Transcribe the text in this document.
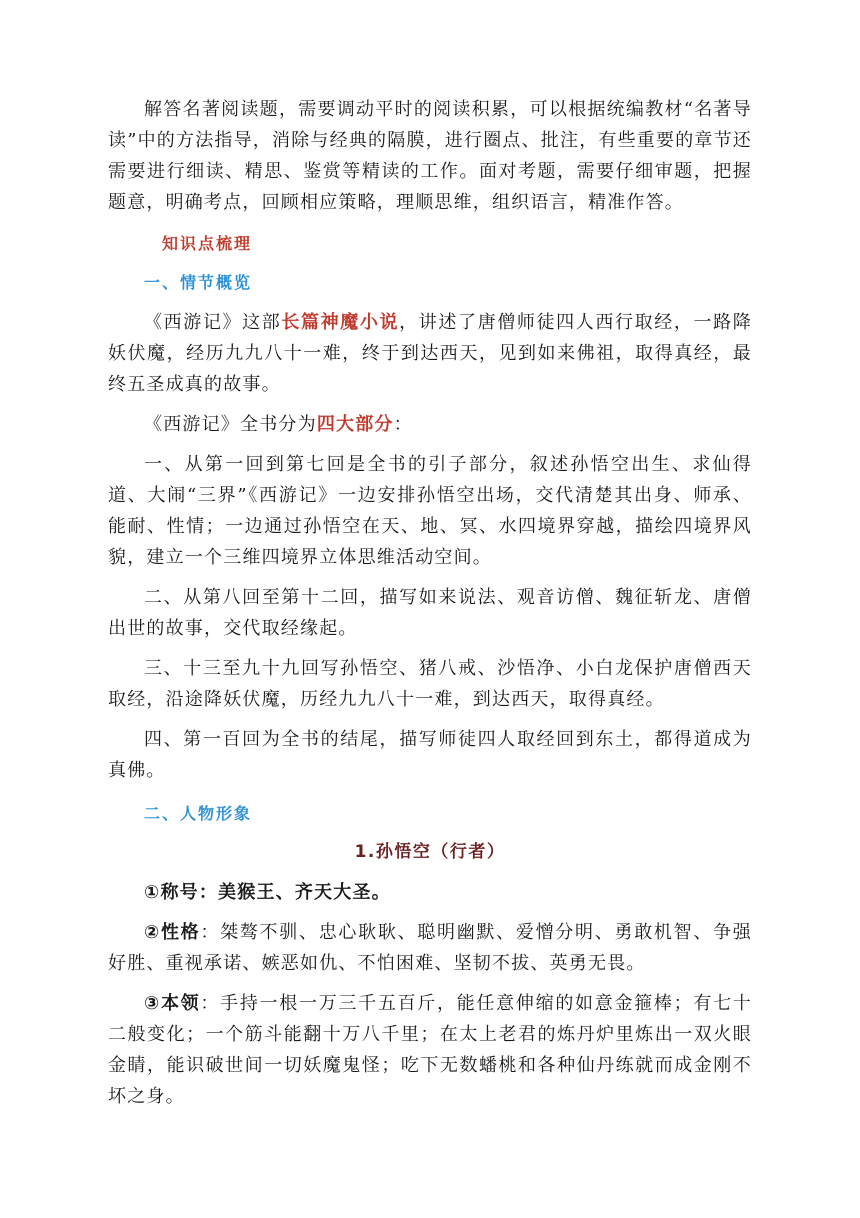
解答名著阅读题，需要调动平时的阅读积累，可以根据统编教材“名著导读”中的方法指导，消除与经典的隔膜，进行圈点、批注，有些重要的章节还需要进行细读、精思、鉴赏等精读的工作。面对考题，需要仔细审题，把握题意，明确考点，回顾相应策略，理顺思维，组织语言，精准作答。

知识点梳理

一、情节概览

《西游记》这部长篇神魔小说，讲述了唐僧师徒四人西行取经，一路降妖伏魔，经历九九八十一难，终于到达西天，见到如来佛祖，取得真经，最终五圣成真的故事。

《西游记》全书分为四大部分：

一、从第一回到第七回是全书的引子部分，叙述孙悟空出生、求仙得道、大闹“三界”《西游记》一边安排孙悟空出场，交代清楚其出身、师承、能耐、性情；一边通过孙悟空在天、地、冥、水四境界穿越，描绘四境界风貌，建立一个三维四境界立体思维活动空间。

二、从第八回至第十二回，描写如来说法、观音访僧、魏征斩龙、唐僧出世的故事，交代取经缘起。

三、十三至九十九回写孙悟空、猪八戒、沙悟净、小白龙保护唐僧西天取经，沿途降妖伏魔，历经九九八十一难，到达西天，取得真经。

四、第一百回为全书的结尾，描写师徒四人取经回到东土，都得道成为真佛。

二、人物形象

1.孙悟空（行者）

①称号：美猴王、齐天大圣。

②性格：桀骜不驯、忠心耿耿、聪明幽默、爱憎分明、勇敢机智、争强好胜、重视承诺、嫉恶如仇、不怕困难、坚韧不拔、英勇无畏。

③本领：手持一根一万三千五百斤，能任意伸缩的如意金箍棒；有七十二般变化；一个筋斗能翻十万八千里；在太上老君的炼丹炉里炼出一双火眼金睛，能识破世间一切妖魔鬼怪；吃下无数蟠桃和各种仙丹练就而成金刚不坏之身。
